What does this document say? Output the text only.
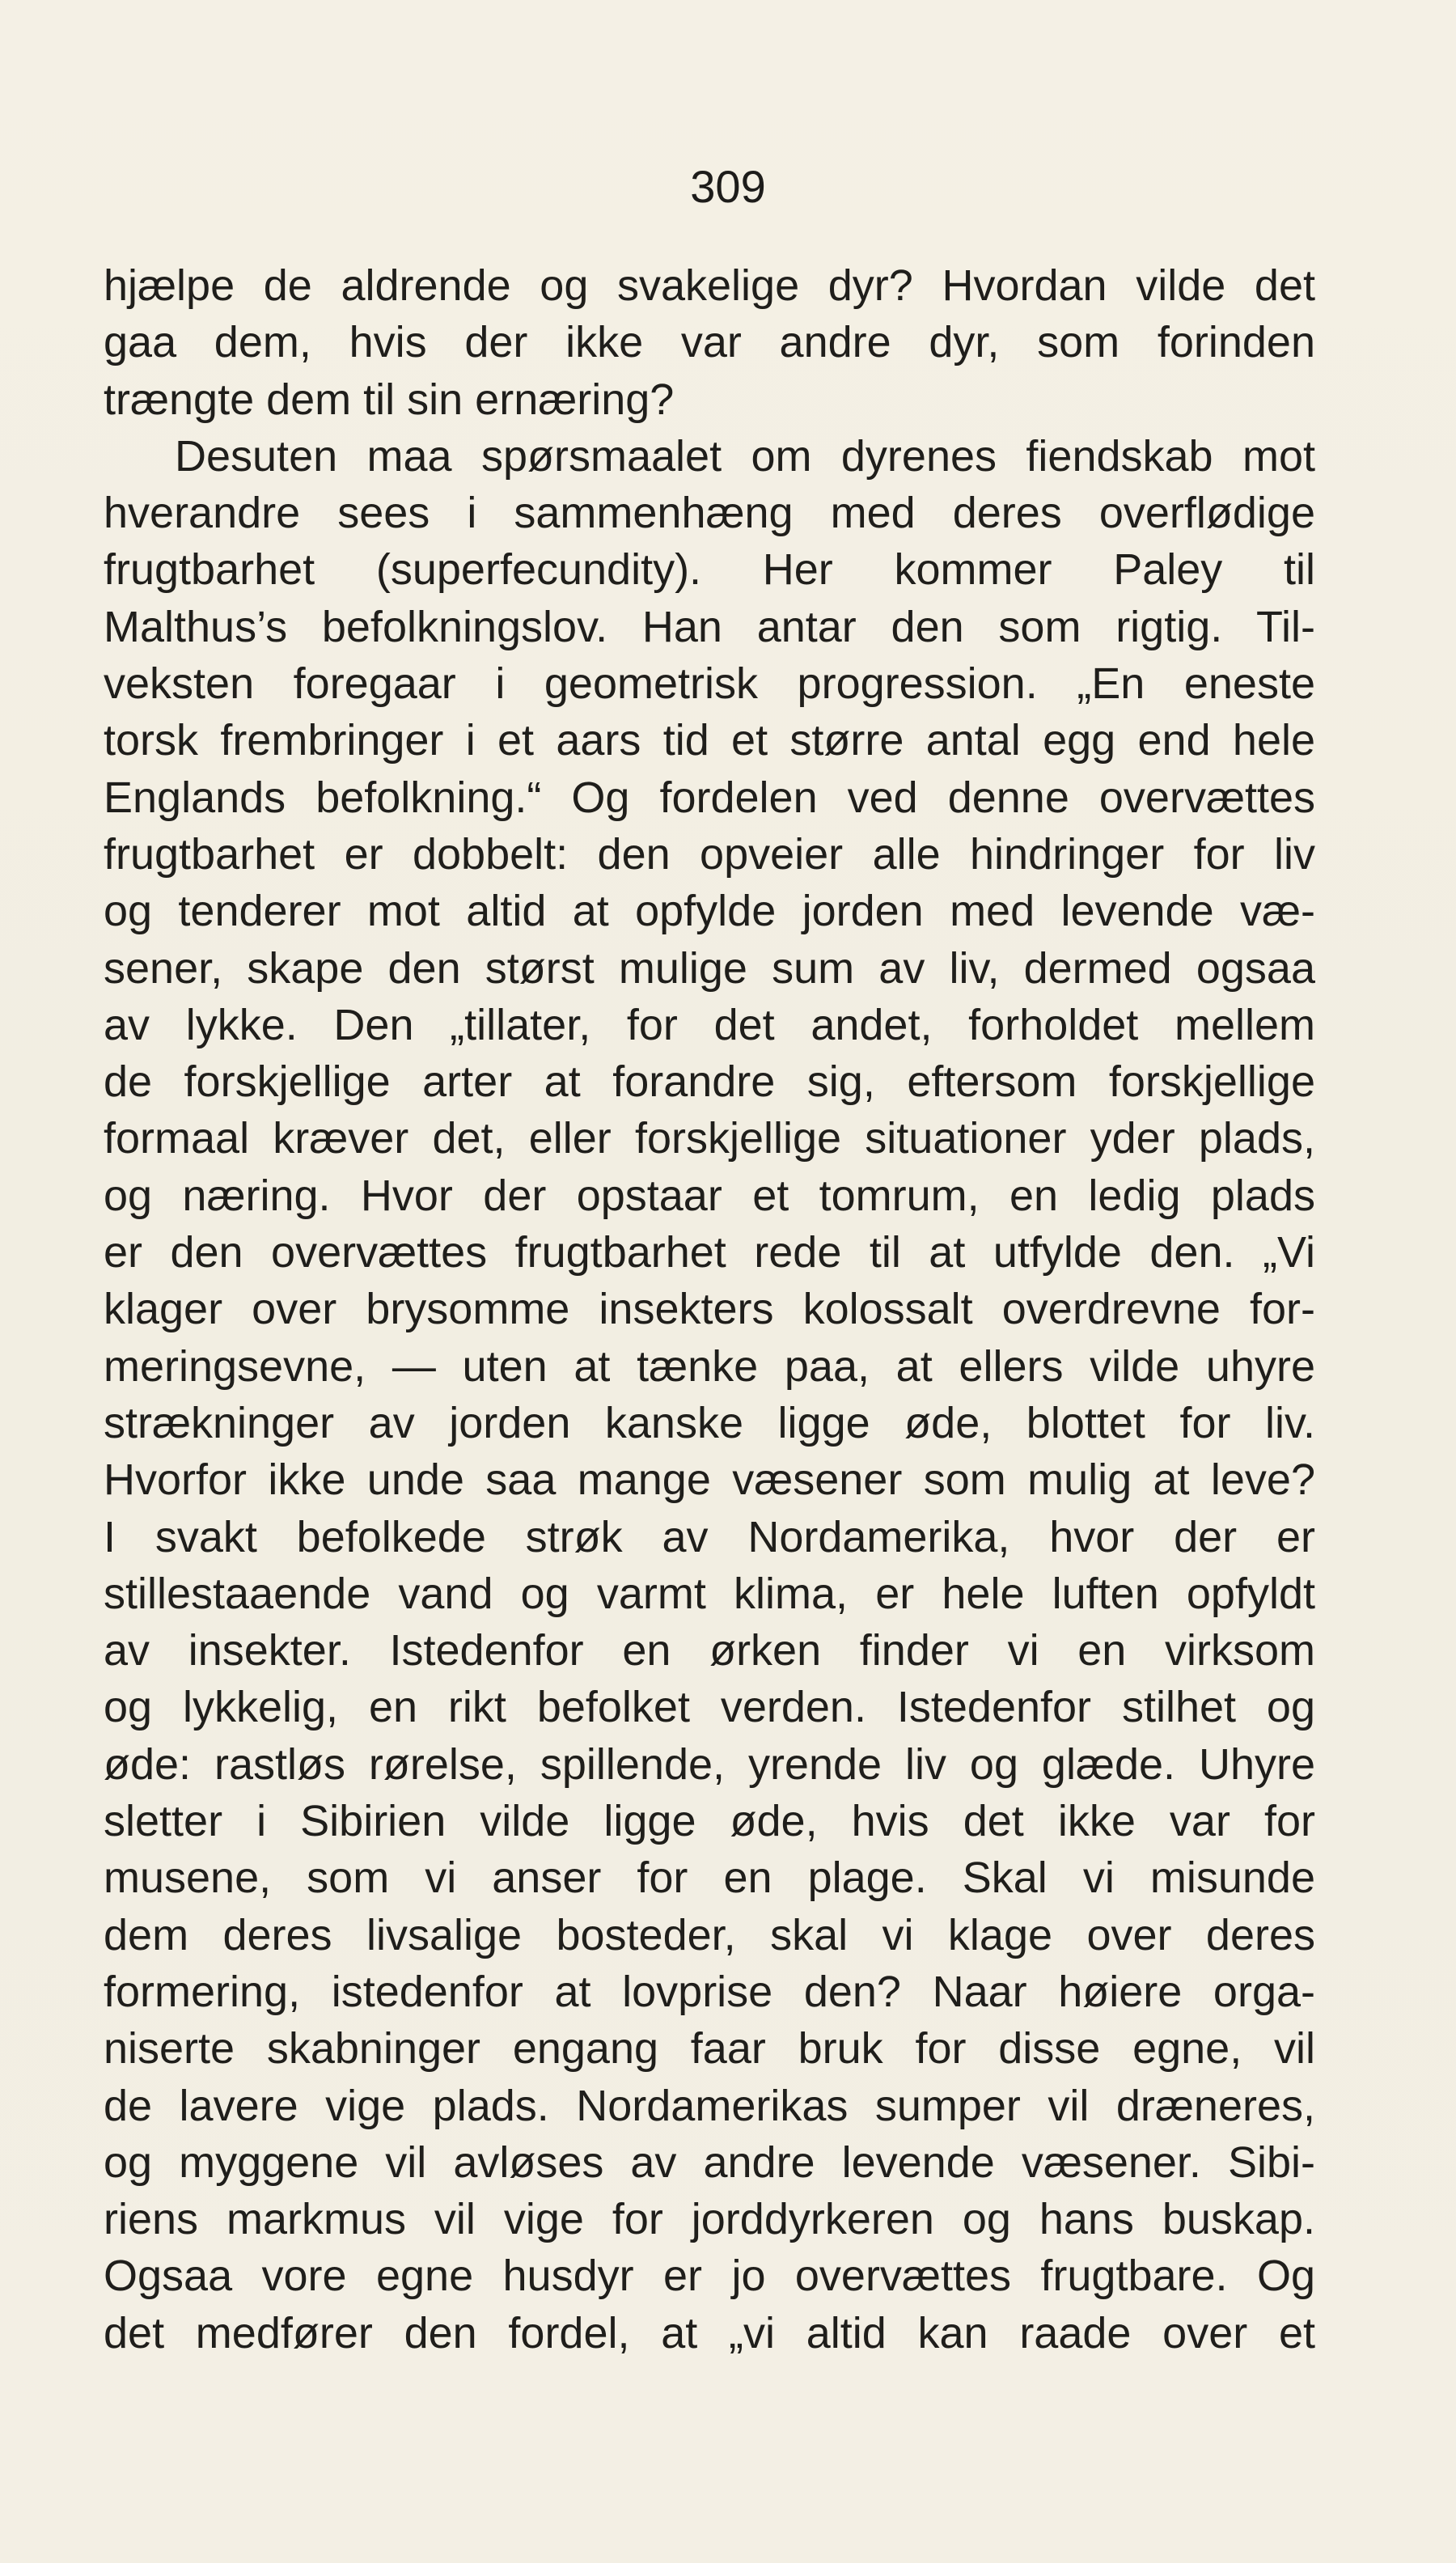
309
hjælpe de aldrende og svakelige dyr? Hvordan vilde det
gaa dem, hvis der ikke var andre dyr, som forinden
trængte dem til sin ernæring?
Desuten maa spørsmaalet om dyrenes fiendskab mot
hverandre sees i sammenhæng med deres overflødige
frugtbarhet (superfecundity). Her kommer Paley til
Malthus’s befolkningslov. Han antar den som rigtig. Til-
veksten foregaar i geometrisk progression. „En eneste
torsk frembringer i et aars tid et større antal egg end hele
Englands befolkning.“ Og fordelen ved denne overvættes
frugtbarhet er dobbelt: den opveier alle hindringer for liv
og tenderer mot altid at opfylde jorden med levende væ-
sener, skape den størst mulige sum av liv, dermed ogsaa
av lykke. Den „tillater, for det andet, forholdet mellem
de forskjellige arter at forandre sig, eftersom forskjellige
formaal kræver det, eller forskjellige situationer yder plads,
og næring. Hvor der opstaar et tomrum, en ledig plads
er den overvættes frugtbarhet rede til at utfylde den. „Vi
klager over brysomme insekters kolossalt overdrevne for-
meringsevne, — uten at tænke paa, at ellers vilde uhyre
strækninger av jorden kanske ligge øde, blottet for liv.
Hvorfor ikke unde saa mange væsener som mulig at leve?
I svakt befolkede strøk av Nordamerika, hvor der er
stillestaaende vand og varmt klima, er hele luften opfyldt
av insekter. Istedenfor en ørken finder vi en virksom
og lykkelig, en rikt befolket verden. Istedenfor stilhet og
øde: rastløs rørelse, spillende, yrende liv og glæde. Uhyre
sletter i Sibirien vilde ligge øde, hvis det ikke var for
musene, som vi anser for en plage. Skal vi misunde
dem deres livsalige bosteder, skal vi klage over deres
formering, istedenfor at lovprise den? Naar høiere orga-
niserte skabninger engang faar bruk for disse egne, vil
de lavere vige plads. Nordamerikas sumper vil dræneres,
og myggene vil avløses av andre levende væsener. Sibi-
riens markmus vil vige for jorddyrkeren og hans buskap.
Ogsaa vore egne husdyr er jo overvættes frugtbare. Og
det medfører den fordel, at „vi altid kan raade over et
